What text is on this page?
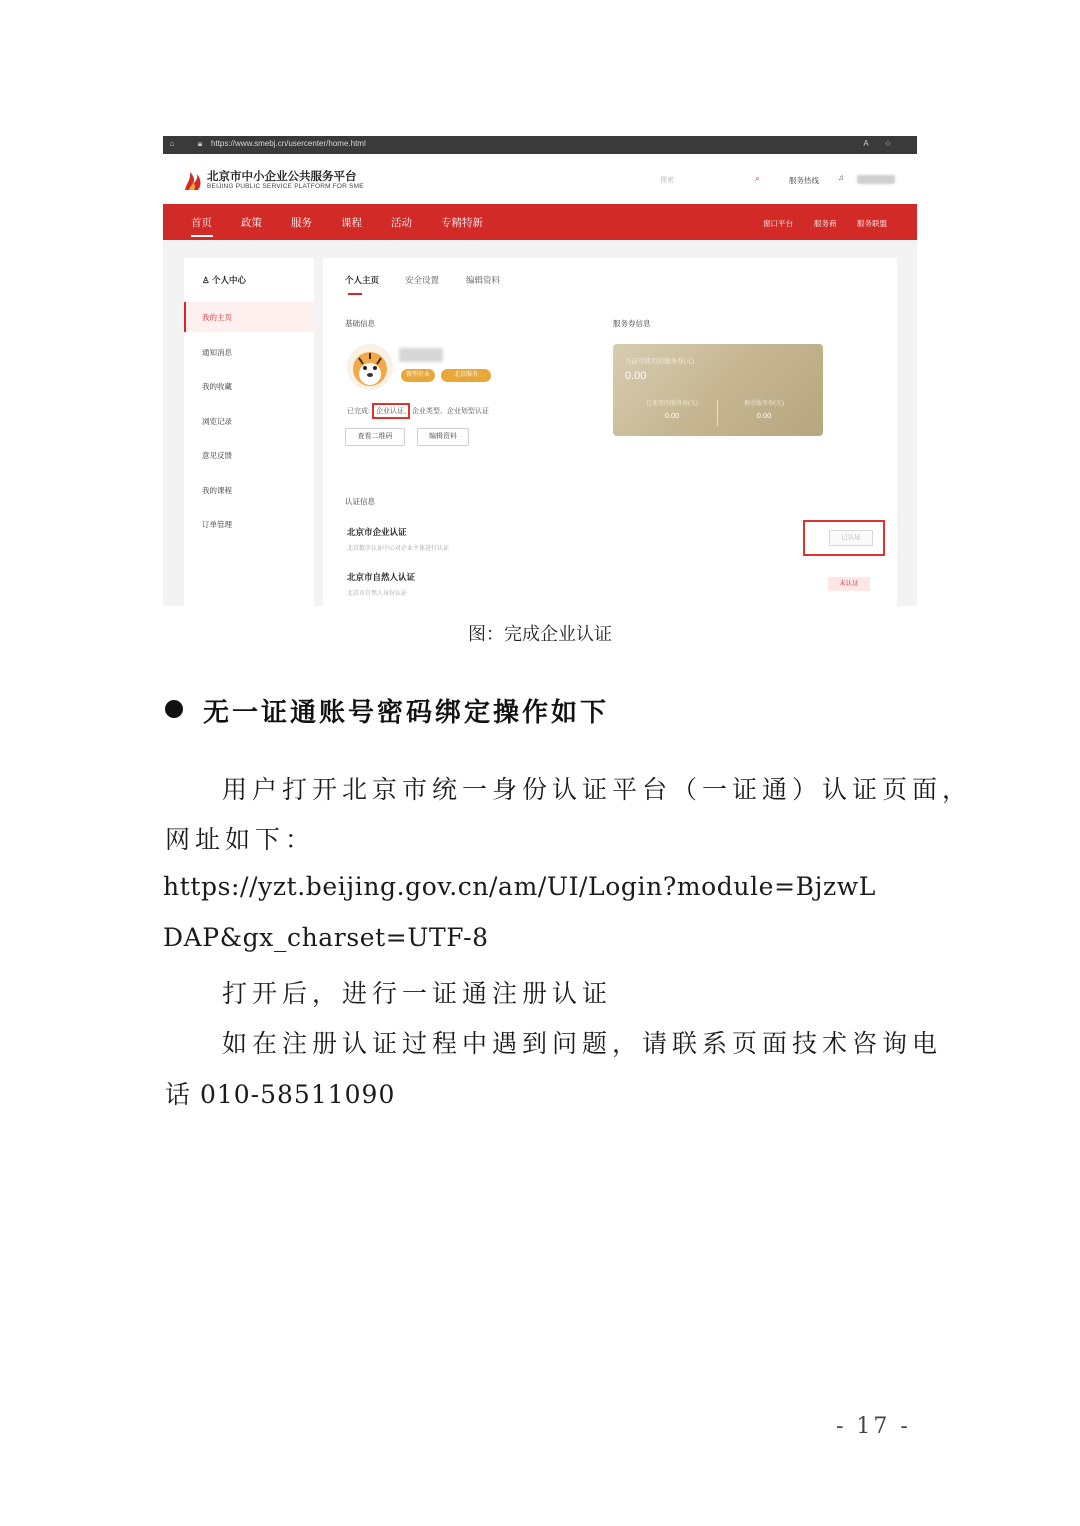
⌂	🔒︎	https://www.smebj.cn/usercenter/home.html	A ☆
北京市中小企业公共服务平台
BEIJING PUBLIC SERVICE PLATFORM FOR SME
搜索	⌕	服务热线 ♫
首页	政策	服务	课程	活动	专精特新	窗口平台	服务商	服务联盟
♙ 个人中心
我的主页
通知消息
我的收藏
浏览记录
意见反馈
我的课程
订单管理
个人主页	安全设置	编辑资料
基础信息
微型企业	北京服务
已完成: 企业认证, 企业类型、企业划型认证
查看二维码	编辑资料
服务券信息
当前可使用的服务券(元)
0.00
已使用的服务券(元)
0.00
剩余服务券(元)
0.00
认证信息
北京市企业认证
北京数字认证中心对企业主体进行认证
已认证
北京市自然人认证
北京市自然人身份认证
未认证
图：完成企业认证
无一证通账号密码绑定操作如下
用户打开北京市统一身份认证平台（一证通）认证页面，
网址如下：
https://yzt.beijing.gov.cn/am/UI/Login?module=BjzwL
DAP&gx_charset=UTF-8
打开后，进行一证通注册认证
如在注册认证过程中遇到问题，请联系页面技术咨询电
话 010-58511090
- 17 -
